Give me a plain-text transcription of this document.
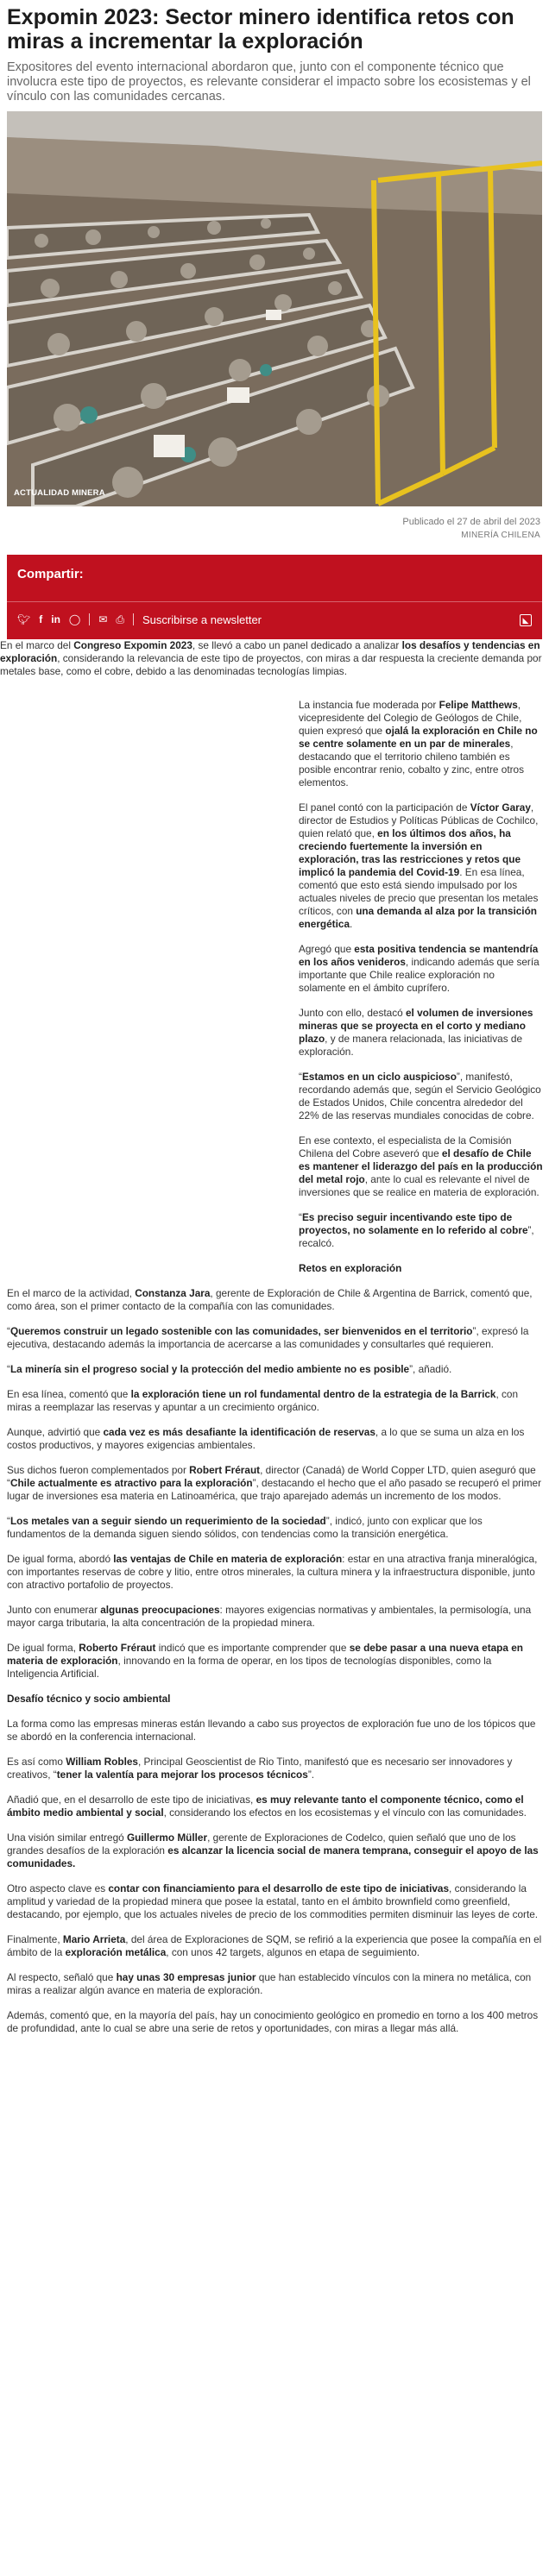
Expomin 2023: Sector minero identifica retos con miras a incrementar la exploración

Expositores del evento internacional abordaron que, junto con el componente técnico que involucra este tipo de proyectos, es relevante considerar el impacto sobre los ecosistemas y el vínculo con las comunidades cercanas.

ACTUALIDAD MINERA
Publicado el 27 de abril del 2023
MINERÍA CHILENA
Compartir:
🐦︎ f in ◯ ✉ ⎙ Suscribirse a newsletter	◣

En el marco del Congreso Expomin 2023, se llevó a cabo un panel dedicado a analizar los desafíos y tendencias en exploración, considerando la relevancia de este tipo de proyectos, con miras a dar respuesta la creciente demanda por metales base, como el cobre, debido a las denominadas tecnologías limpias.

La instancia fue moderada por Felipe Matthews, vicepresidente del Colegio de Geólogos de Chile, quien expresó que ojalá la exploración en Chile no se centre solamente en un par de minerales, destacando que el territorio chileno también es posible encontrar renio, cobalto y zinc, entre otros elementos.

El panel contó con la participación de Víctor Garay, director de Estudios y Políticas Públicas de Cochilco, quien relató que, en los últimos dos años, ha creciendo fuertemente la inversión en exploración, tras las restricciones y retos que implicó la pandemia del Covid-19. En esa línea, comentó que esto está siendo impulsado por los actuales niveles de precio que presentan los metales críticos, con una demanda al alza por la transición energética.

Agregó que esta positiva tendencia se mantendría en los años venideros, indicando además que sería importante que Chile realice exploración no solamente en el ámbito cuprífero.

Junto con ello, destacó el volumen de inversiones mineras que se proyecta en el corto y mediano plazo, y de manera relacionada, las iniciativas de exploración.

“Estamos en un ciclo auspicioso”, manifestó, recordando además que, según el Servicio Geológico de Estados Unidos, Chile concentra alrededor del 22% de las reservas mundiales conocidas de cobre.

En ese contexto, el especialista de la Comisión Chilena del Cobre aseveró que el desafío de Chile es mantener el liderazgo del país en la producción del metal rojo, ante lo cual es relevante el nivel de inversiones que se realice en materia de exploración.

“Es preciso seguir incentivando este tipo de proyectos, no solamente en lo referido al cobre”, recalcó.

Retos en exploración

En el marco de la actividad, Constanza Jara, gerente de Exploración de Chile & Argentina de Barrick, comentó que, como área, son el primer contacto de la compañía con las comunidades.

“Queremos construir un legado sostenible con las comunidades, ser bienvenidos en el territorio”, expresó la ejecutiva, destacando además la importancia de acercarse a las comunidades y consultarles qué requieren.

“La minería sin el progreso social y la protección del medio ambiente no es posible”, añadió.

En esa línea, comentó que la exploración tiene un rol fundamental dentro de la estrategia de la Barrick, con miras a reemplazar las reservas y apuntar a un crecimiento orgánico.

Aunque, advirtió que cada vez es más desafiante la identificación de reservas, a lo que se suma un alza en los costos productivos, y mayores exigencias ambientales.

Sus dichos fueron complementados por Robert Fréraut, director (Canadá) de World Copper LTD, quien aseguró que “Chile actualmente es atractivo para la exploración”, destacando el hecho que el año pasado se recuperó el primer lugar de inversiones esa materia en Latinoamérica, que trajo aparejado además un incremento de los modos.

“Los metales van a seguir siendo un requerimiento de la sociedad”, indicó, junto con explicar que los fundamentos de la demanda siguen siendo sólidos, con tendencias como la transición energética.

De igual forma, abordó las ventajas de Chile en materia de exploración: estar en una atractiva franja mineralógica, con importantes reservas de cobre y litio, entre otros minerales, la cultura minera y la infraestructura disponible, junto con atractivo portafolio de proyectos.

Junto con enumerar algunas preocupaciones: mayores exigencias normativas y ambientales, la permisología, una mayor carga tributaria, la alta concentración de la propiedad minera.

De igual forma, Roberto Fréraut indicó que es importante comprender que se debe pasar a una nueva etapa en materia de exploración, innovando en la forma de operar, en los tipos de tecnologías disponibles, como la Inteligencia Artificial.

Desafío técnico y socio ambiental

La forma como las empresas mineras están llevando a cabo sus proyectos de exploración fue uno de los tópicos que se abordó en la conferencia internacional.

Es así como William Robles, Principal Geoscientist de Rio Tinto, manifestó que es necesario ser innovadores y creativos, “tener la valentía para mejorar los procesos técnicos”.

Añadió que, en el desarrollo de este tipo de iniciativas, es muy relevante tanto el componente técnico, como el ámbito medio ambiental y social, considerando los efectos en los ecosistemas y el vínculo con las comunidades.

Una visión similar entregó Guillermo Müller, gerente de Exploraciones de Codelco, quien señaló que uno de los grandes desafíos de la exploración es alcanzar la licencia social de manera temprana, conseguir el apoyo de las comunidades.

Otro aspecto clave es contar con financiamiento para el desarrollo de este tipo de iniciativas, considerando la amplitud y variedad de la propiedad minera que posee la estatal, tanto en el ámbito brownfield como greenfield, destacando, por ejemplo, que los actuales niveles de precio de los commodities permiten disminuir las leyes de corte.

Finalmente, Mario Arrieta, del área de Exploraciones de SQM, se refirió a la experiencia que posee la compañía en el ámbito de la exploración metálica, con unos 42 targets, algunos en etapa de seguimiento.

Al respecto, señaló que hay unas 30 empresas junior que han establecido vínculos con la minera no metálica, con miras a realizar algún avance en materia de exploración.

Además, comentó que, en la mayoría del país, hay un conocimiento geológico en promedio en torno a los 400 metros de profundidad, ante lo cual se abre una serie de retos y oportunidades, con miras a llegar más allá.
